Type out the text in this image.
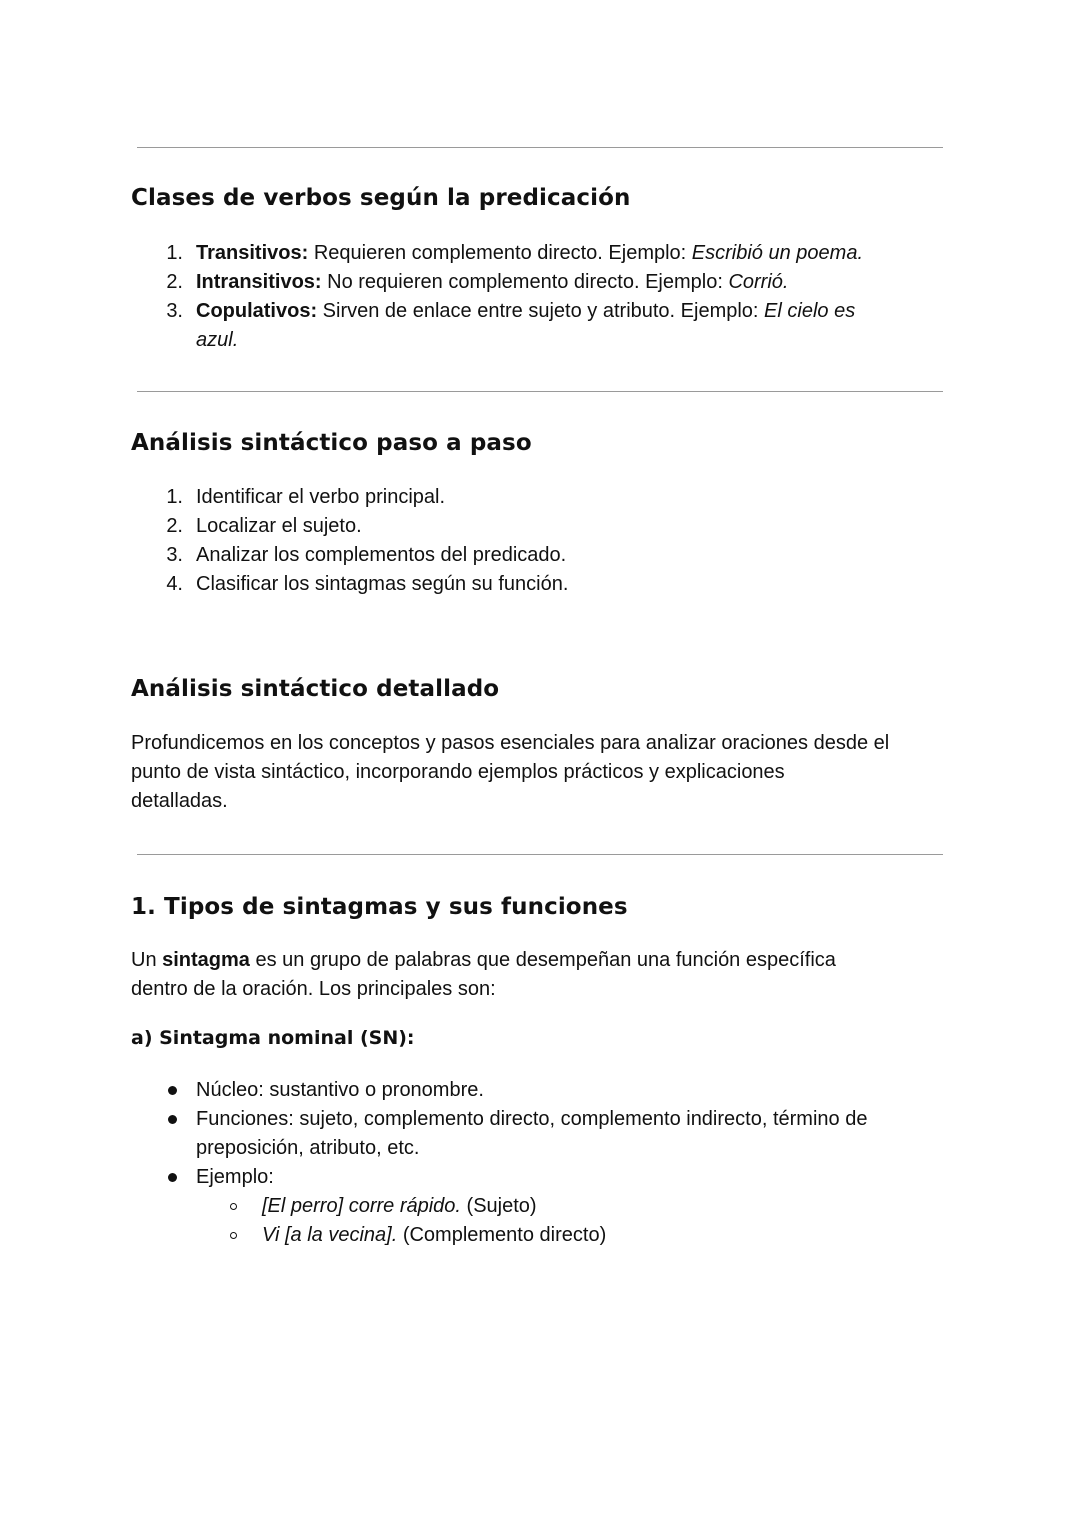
Clases de verbos según la predicación
1. Transitivos: Requieren complemento directo. Ejemplo: Escribió un poema.
2. Intransitivos: No requieren complemento directo. Ejemplo: Corrió.
3. Copulativos: Sirven de enlace entre sujeto y atributo. Ejemplo: El cielo es
azul.
Análisis sintáctico paso a paso
1. Identificar el verbo principal.
2. Localizar el sujeto.
3. Analizar los complementos del predicado.
4. Clasificar los sintagmas según su función.
Análisis sintáctico detallado

Profundicemos en los conceptos y pasos esenciales para analizar oraciones desde el
punto de vista sintáctico, incorporando ejemplos prácticos y explicaciones
detalladas.

1. Tipos de sintagmas y sus funciones

Un sintagma es un grupo de palabras que desempeñan una función específica
dentro de la oración. Los principales son:

a) Sintagma nominal (SN):
Núcleo: sustantivo o pronombre.
Funciones: sujeto, complemento directo, complemento indirecto, término de
preposición, atributo, etc.
Ejemplo:
[El perro] corre rápido. (Sujeto)
Vi [a la vecina]. (Complemento directo)
